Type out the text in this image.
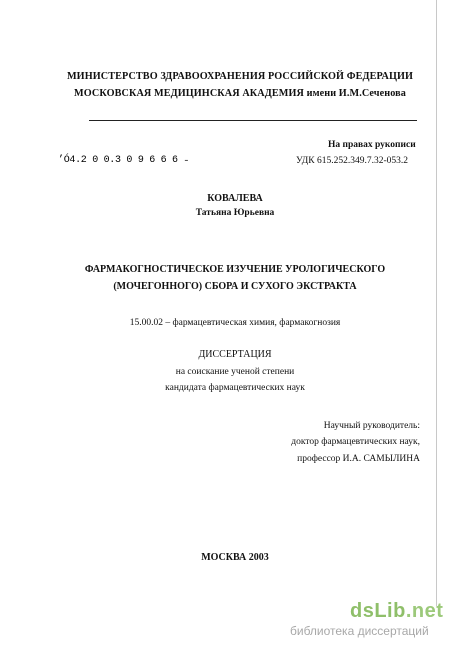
МИНИСТЕРСТВО ЗДРАВООХРАНЕНИЯ РОССИЙСКОЙ ФЕДЕРАЦИИ
МОСКОВСКАЯ МЕДИЦИНСКАЯ АКАДЕМИЯ имени И.М.Сеченова
’Ó4.2 0 0.3 0 9 6 6 6 ˗
На правах рукописи
УДК 615.252.349.7.32-053.2
КОВАЛЕВА
Татьяна Юрьевна
ФАРМАКОГНОСТИЧЕСКОЕ ИЗУЧЕНИЕ УРОЛОГИЧЕСКОГО
(МОЧЕГОННОГО) СБОРА И СУХОГО ЭКСТРАКТА
15.00.02 – фармацевтическая химия, фармакогнозия
ДИССЕРТАЦИЯ
на соискание ученой степени
кандидата фармацевтических наук
Научный руководитель:
доктор фармацевтических наук,
профессор И.А. САМЫЛИНА
МОСКВА 2003
dsLib.net
библиотека диссертаций
